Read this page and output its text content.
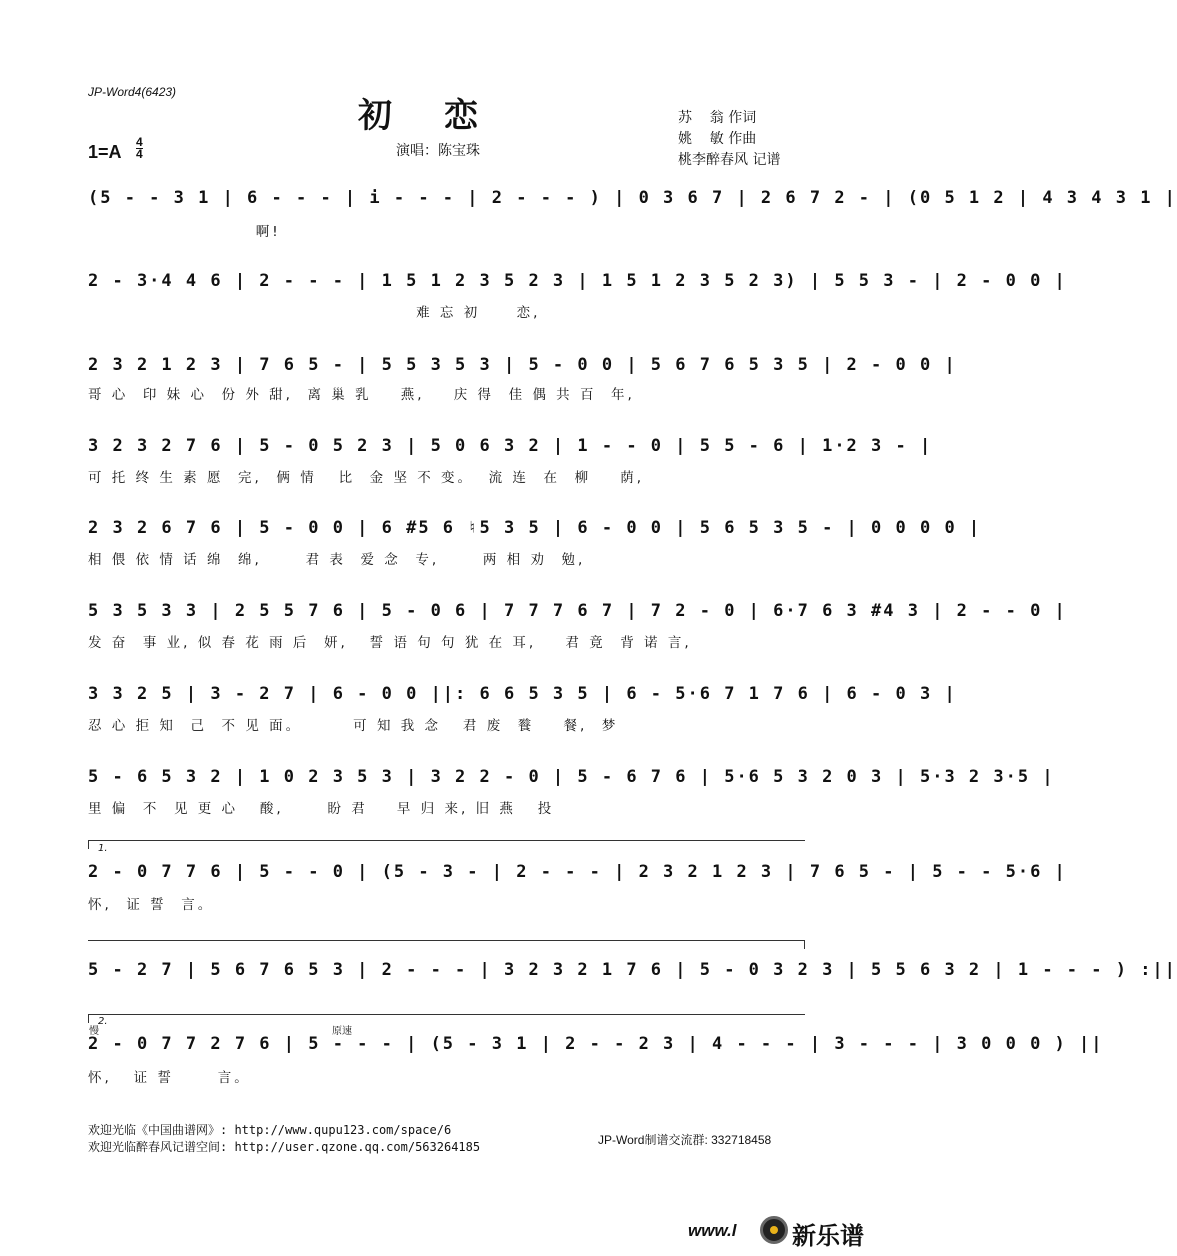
JP-Word4(6423)
初恋
1=A 4
4	演唱：陈宝珠
苏    翁 作词
姚    敏 作曲
桃李醉春风 记谱
(5 - - 3 1 | 6 - - - | i - - - | 2 - - - ) | 0 3 6 7 | 2 6 7 2 - | (0 5 1 2 | 4 3 4 3 1 |
啊!
2 - 3·4 4 6 | 2 - - - | 1 5 1 2 3 5 2 3 | 1 5 1 2 3 5 2 3) | 5 5 3 - | 2 - 0 0 |
难 忘 初     恋,
2 3 2 1 2 3 | 7 6 5 - | 5 5 3 5 3 | 5 - 0 0 | 5 6 7 6 5 3 5 | 2 - 0 0 |
哥 心  印 妹 心  份 外 甜,  离 巢 乳    燕,    庆 得  佳 偶 共 百  年,
3 2 3 2 7 6 | 5 - 0 5 2 3 | 5 0 6 3 2 | 1 - - 0 | 5 5 - 6 | 1·2 3 - |
可 托 终 生 素 愿  完,  俩 情   比  金 坚 不 变。  流 连  在  柳    荫,
2 3 2 6 7 6 | 5 - 0 0 | 6 #5 6 ♮5 3 5 | 6 - 0 0 | 5 6 5 3 5 - | 0 0 0 0 |
相 偎 依 情 话 绵  绵,      君 表  爱 念  专,      两 相 劝  勉,
5 3 5 3 3 | 2 5 5 7 6 | 5 - 0 6 | 7 7 7 6 7 | 7 2 - 0 | 6·7 6 3 #4 3 | 2 - - 0 |
发 奋  事 业, 似 春 花 雨 后  妍,   誓 语 句 句 犹 在 耳,    君 竟  背 诺 言,
3 3 2 5 | 3 - 2 7 | 6 - 0 0 ||: 6 6 5 3 5 | 6 - 5·6 7 1 7 6 | 6 - 0 3 |
忍 心 拒 知  己  不 见 面。       可 知 我 念   君 废  餮    餐,  梦
5 - 6 5 3 2 | 1 0 2 3 5 3 | 3 2 2 - 0 | 5 - 6 7 6 | 5·6 5 3 2 0 3 | 5·3 2 3·5 |
里 偏  不  见 更 心   酸,      盼 君    早 归 来, 旧 燕   投
1.
2 - 0 7 7 6 | 5 - - 0 | (5 - 3 - | 2 - - - | 2 3 2 1 2 3 | 7 6 5 - | 5 - - 5·6 |
怀,  证 誓  言。
5 - 2 7 | 5 6 7 6 5 3 | 2 - - - | 3 2 3 2 1 7 6 | 5 - 0 3 2 3 | 5 5 6 3 2 | 1 - - - ) :||
2.
慢	原速
2 - 0 7 7 2 7 6 | 5 - - - | (5 - 3 1 | 2 - - 2 3 | 4 - - - | 3 - - - | 3 0 0 0 ) ||
怀,   证 誓      言。
欢迎光临《中国曲谱网》: http://www.qupu123.com/space/6
欢迎光临醉春风记谱空间: http://user.qzone.qq.com/563264185	JP-Word制谱交流群: 332718458
www.l 新乐谱
